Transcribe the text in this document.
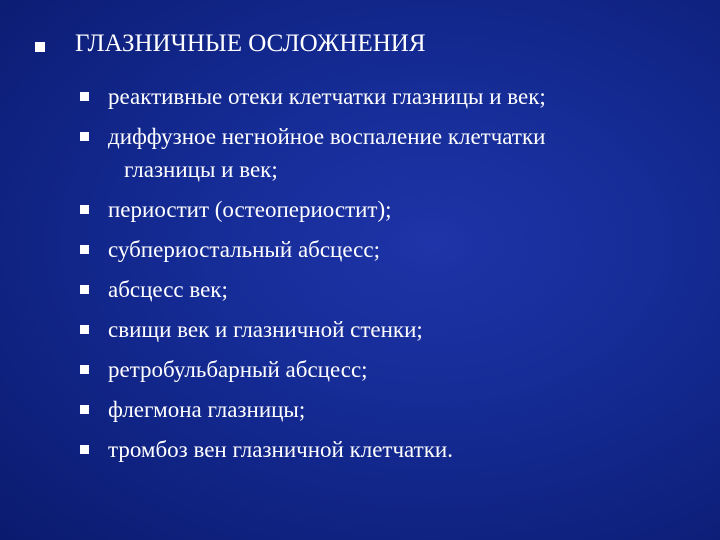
ГЛАЗНИЧНЫЕ ОСЛОЖНЕНИЯ
реактивные отеки клетчатки глазницы и век;
диффузное негнойное воспаление клетчатки
глазницы и век;
периостит (остеопериостит);
субпериостальный абсцесс;
абсцесс век;
свищи век и глазничной стенки;
ретробульбарный абсцесс;
флегмона глазницы;
тромбоз вен глазничной клетчатки.
